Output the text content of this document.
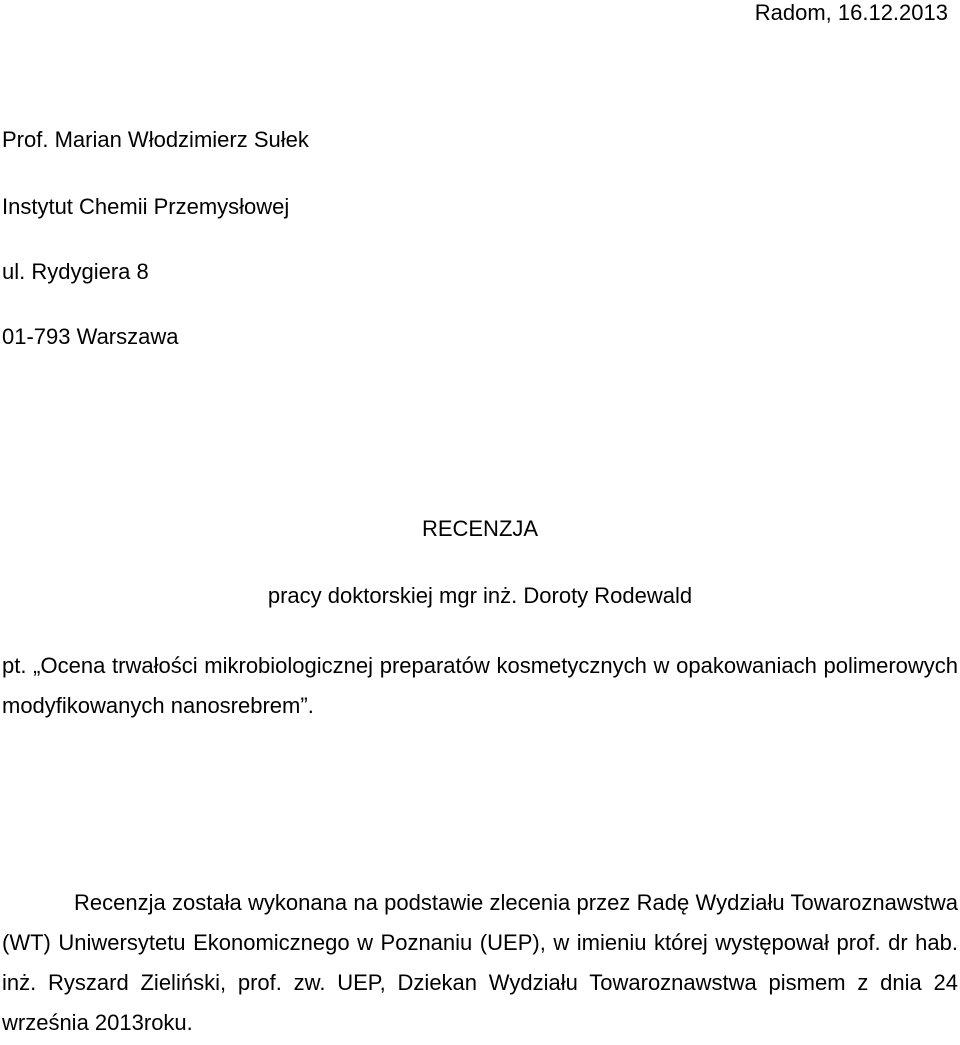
Radom, 16.12.2013
Prof. Marian Włodzimierz Sułek
Instytut Chemii Przemysłowej
ul. Rydygiera 8
01-793 Warszawa
RECENZJA
pracy doktorskiej mgr inż. Doroty Rodewald
pt. „Ocena trwałości mikrobiologicznej preparatów kosmetycznych w opakowaniach polimerowych modyfikowanych nanosrebrem”.
Recenzja została wykonana na podstawie zlecenia przez Radę Wydziału Towaroznawstwa (WT) Uniwersytetu Ekonomicznego w Poznaniu (UEP), w imieniu której występował prof. dr hab. inż. Ryszard Zieliński, prof. zw. UEP, Dziekan Wydziału Towaroznawstwa pismem z dnia 24 września 2013roku.
